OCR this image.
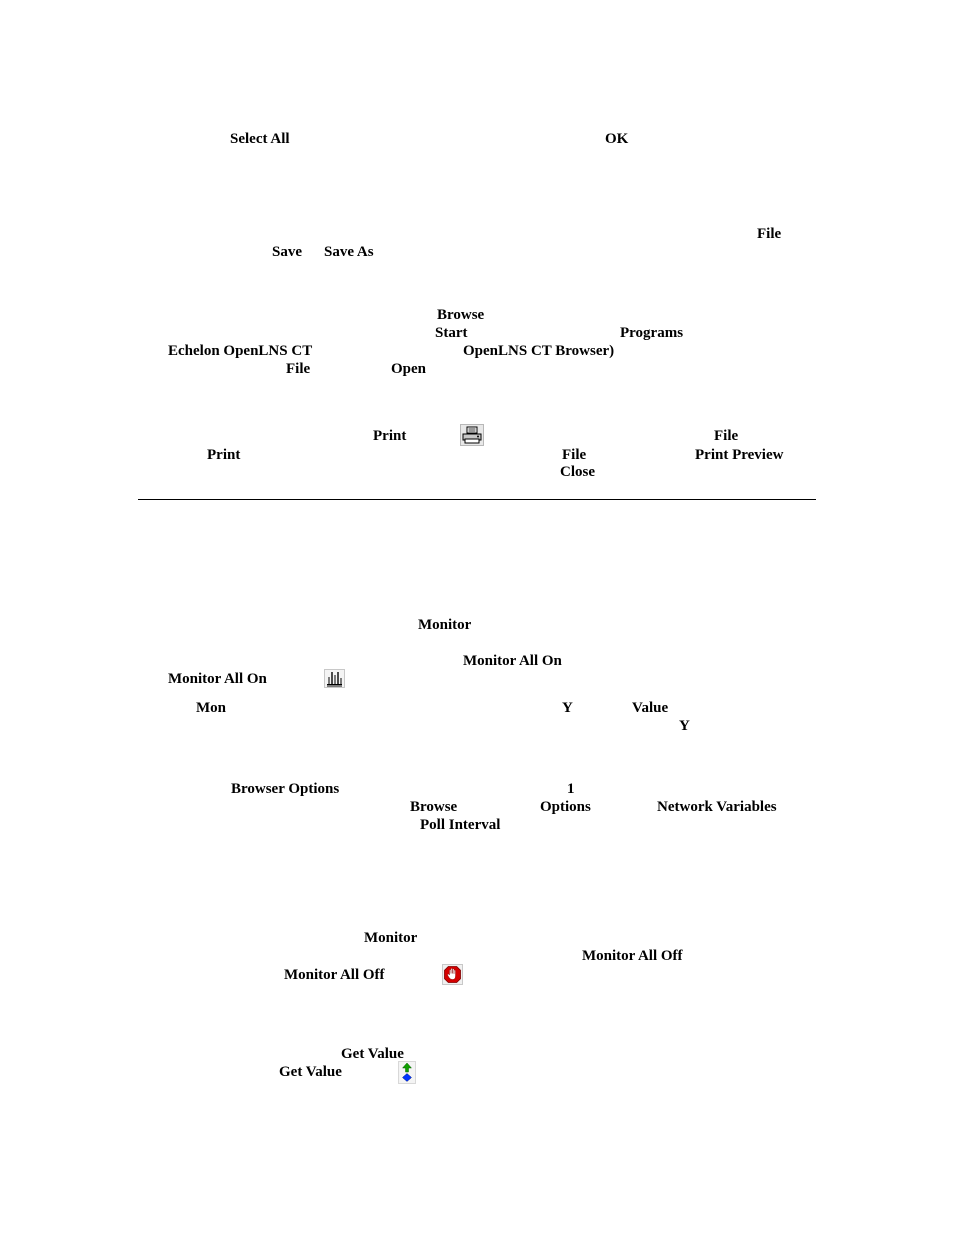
Select All	OK
File
Save Save As
Browse
Start	Programs
Echelon OpenLNS CT	OpenLNS CT Browser)
File	Open
Print	File
Print	File	Print Preview
Close
Monitor
Monitor All On
Monitor All On
Mon	Y	Value
Y
Browser Options	1
Browse	Options	Network Variables
Poll Interval
Monitor
Monitor All Off
Monitor All Off
Get Value
Get Value
